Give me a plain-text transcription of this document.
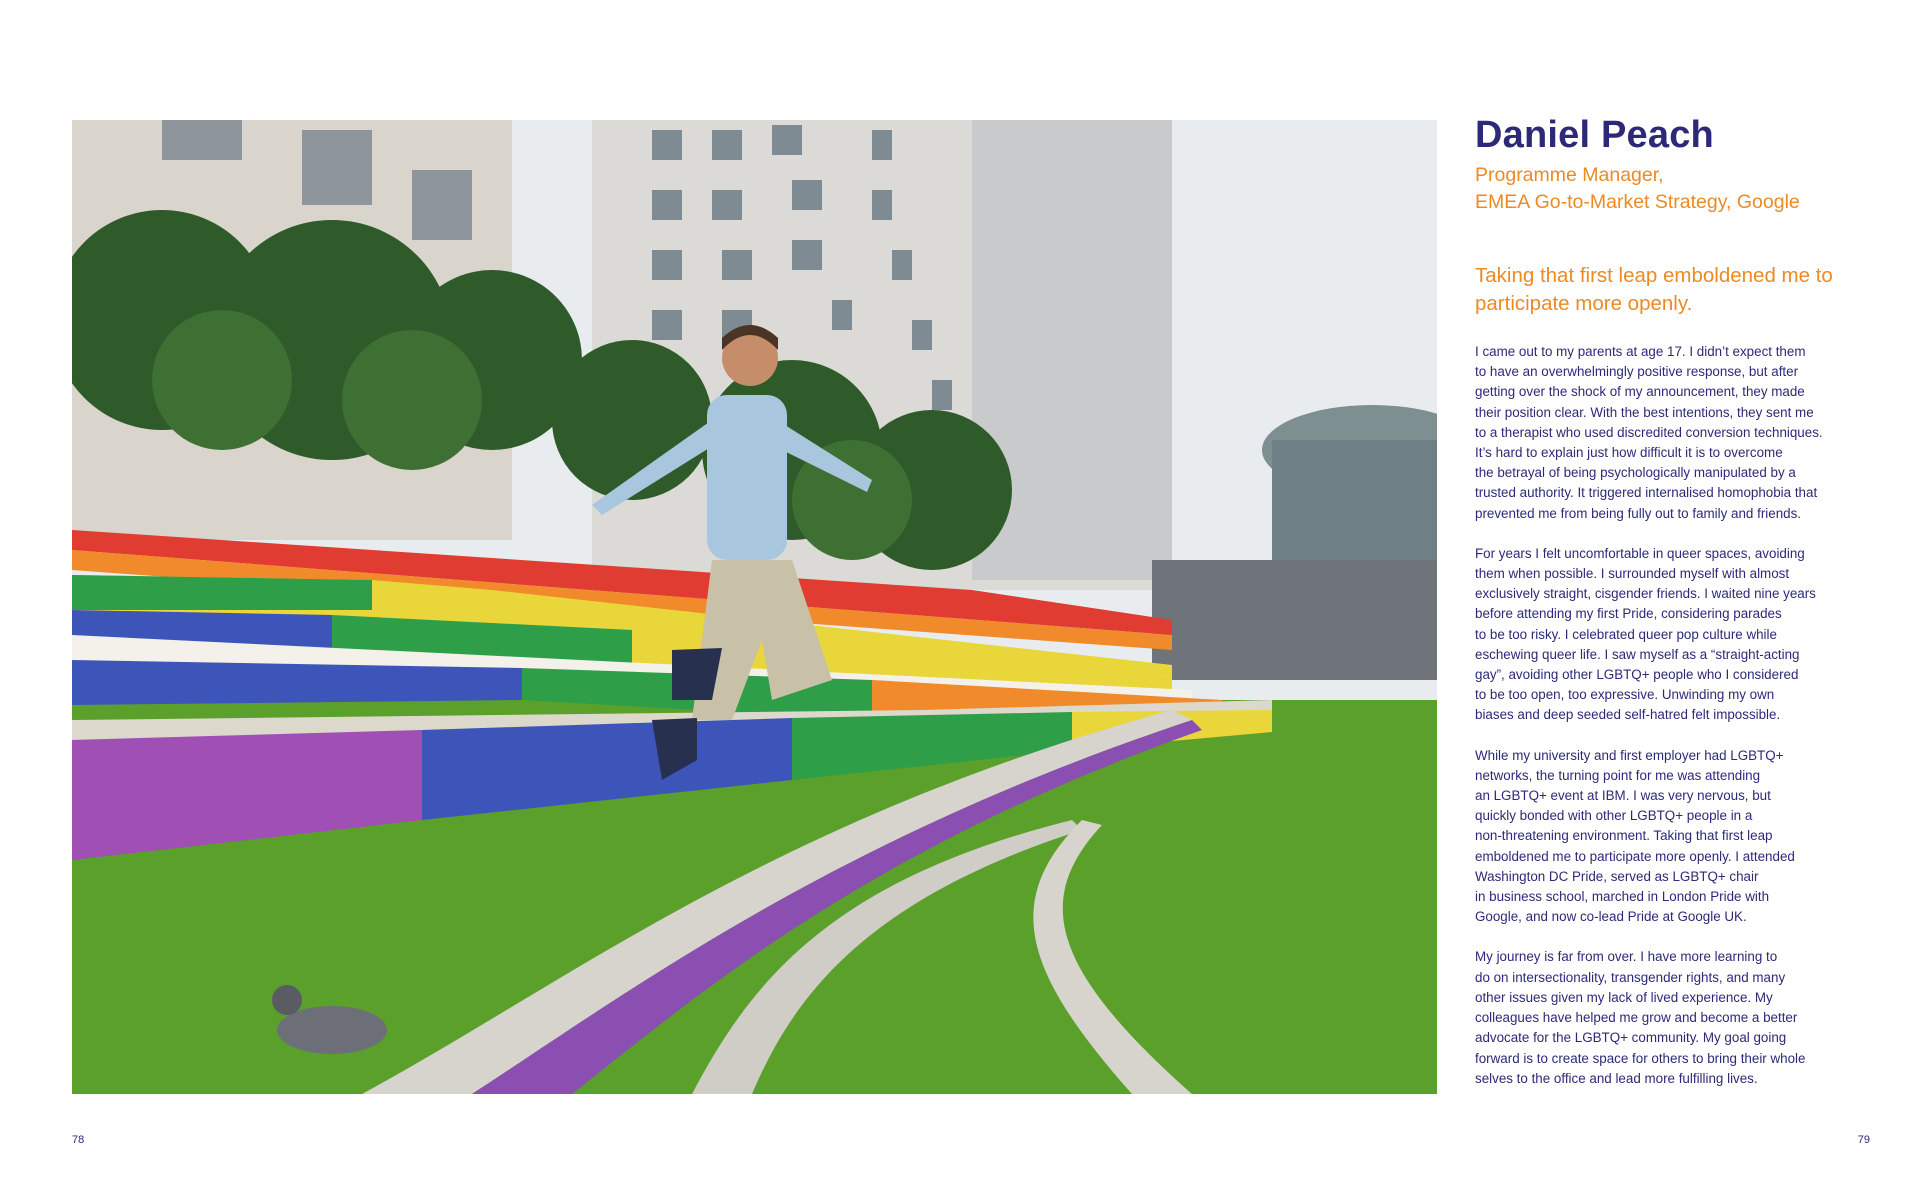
Daniel Peach
Programme Manager,
EMEA Go-to-Market Strategy, Google
Taking that first leap emboldened me to
participate more openly.
I came out to my parents at age 17. I didn’t expect them
to have an overwhelmingly positive response, but after
getting over the shock of my announcement, they made
their position clear. With the best intentions, they sent me
to a therapist who used discredited conversion techniques.
It’s hard to explain just how difficult it is to overcome
the betrayal of being psychologically manipulated by a
trusted authority. It triggered internalised homophobia that
prevented me from being fully out to family and friends.
For years I felt uncomfortable in queer spaces, avoiding
them when possible. I surrounded myself with almost
exclusively straight, cisgender friends. I waited nine years
before attending my first Pride, considering parades
to be too risky. I celebrated queer pop culture while
eschewing queer life. I saw myself as a “straight-acting
gay”, avoiding other LGBTQ+ people who I considered
to be too open, too expressive. Unwinding my own
biases and deep seeded self-hatred felt impossible.
While my university and first employer had LGBTQ+
networks, the turning point for me was attending
an LGBTQ+ event at IBM. I was very nervous, but
quickly bonded with other LGBTQ+ people in a
non-threatening environment. Taking that first leap
emboldened me to participate more openly. I attended
Washington DC Pride, served as LGBTQ+ chair
in business school, marched in London Pride with
Google, and now co-lead Pride at Google UK.
My journey is far from over. I have more learning to
do on intersectionality, transgender rights, and many
other issues given my lack of lived experience. My
colleagues have helped me grow and become a better
advocate for the LGBTQ+ community. My goal going
forward is to create space for others to bring their whole
selves to the office and lead more fulfilling lives.
78	79
